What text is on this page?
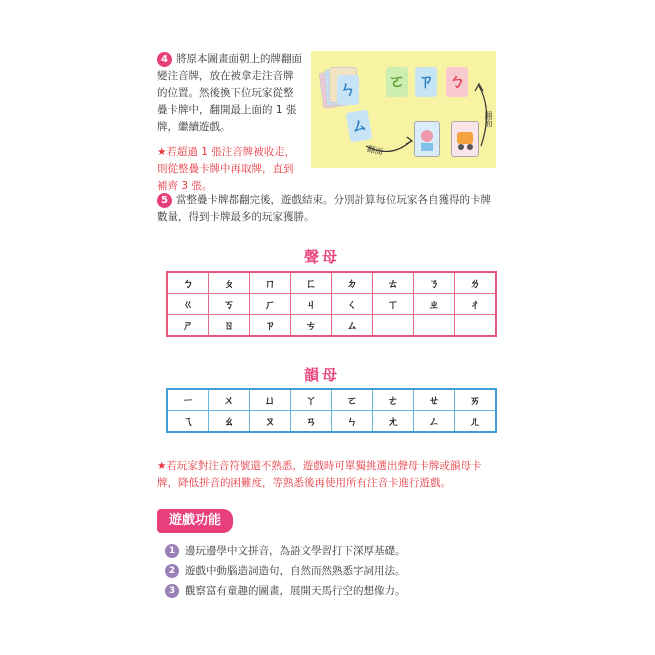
4 將原本圖畫面朝上的牌翻面變注音牌，放在被拿走注音牌的位置。然後換下位玩家從整疊卡牌中，翻開最上面的 1 張牌，繼續遊戲。
★若超過 1 張注音牌被收走，則從整疊卡牌中再取牌，直到補齊 3 張。
ㄣ ㄛ ㄗ ㄅ
ㄙ
翻面
翻面
5 當整疊卡牌都翻完後，遊戲結束。分別計算每位玩家各自獲得的卡牌數量，得到卡牌最多的玩家獲勝。
聲母
ㄅ	ㄆ	ㄇ	ㄈ	ㄉ	ㄊ	ㄋ	ㄌ
ㄍ	ㄎ	ㄏ	ㄐ	ㄑ	ㄒ	ㄓ	ㄔ
ㄕ	ㄖ	ㄗ	ㄘ	ㄙ			
韻母
ㄧ	ㄨ	ㄩ	ㄚ	ㄛ	ㄜ	ㄝ	ㄞ
ㄟ	ㄠ	ㄡ	ㄢ	ㄣ	ㄤ	ㄥ	ㄦ
★若玩家對注音符號還不熟悉，遊戲時可單獨挑選出聲母卡牌或韻母卡牌，降低拼音的困難度，等熟悉後再使用所有注音卡進行遊戲。
遊戲功能
1 邊玩邊學中文拼音，為語文學習打下深厚基礎。
2 遊戲中動腦造詞造句，自然而然熟悉字詞用法。
3 觀察富有童趣的圖畫，展開天馬行空的想像力。
